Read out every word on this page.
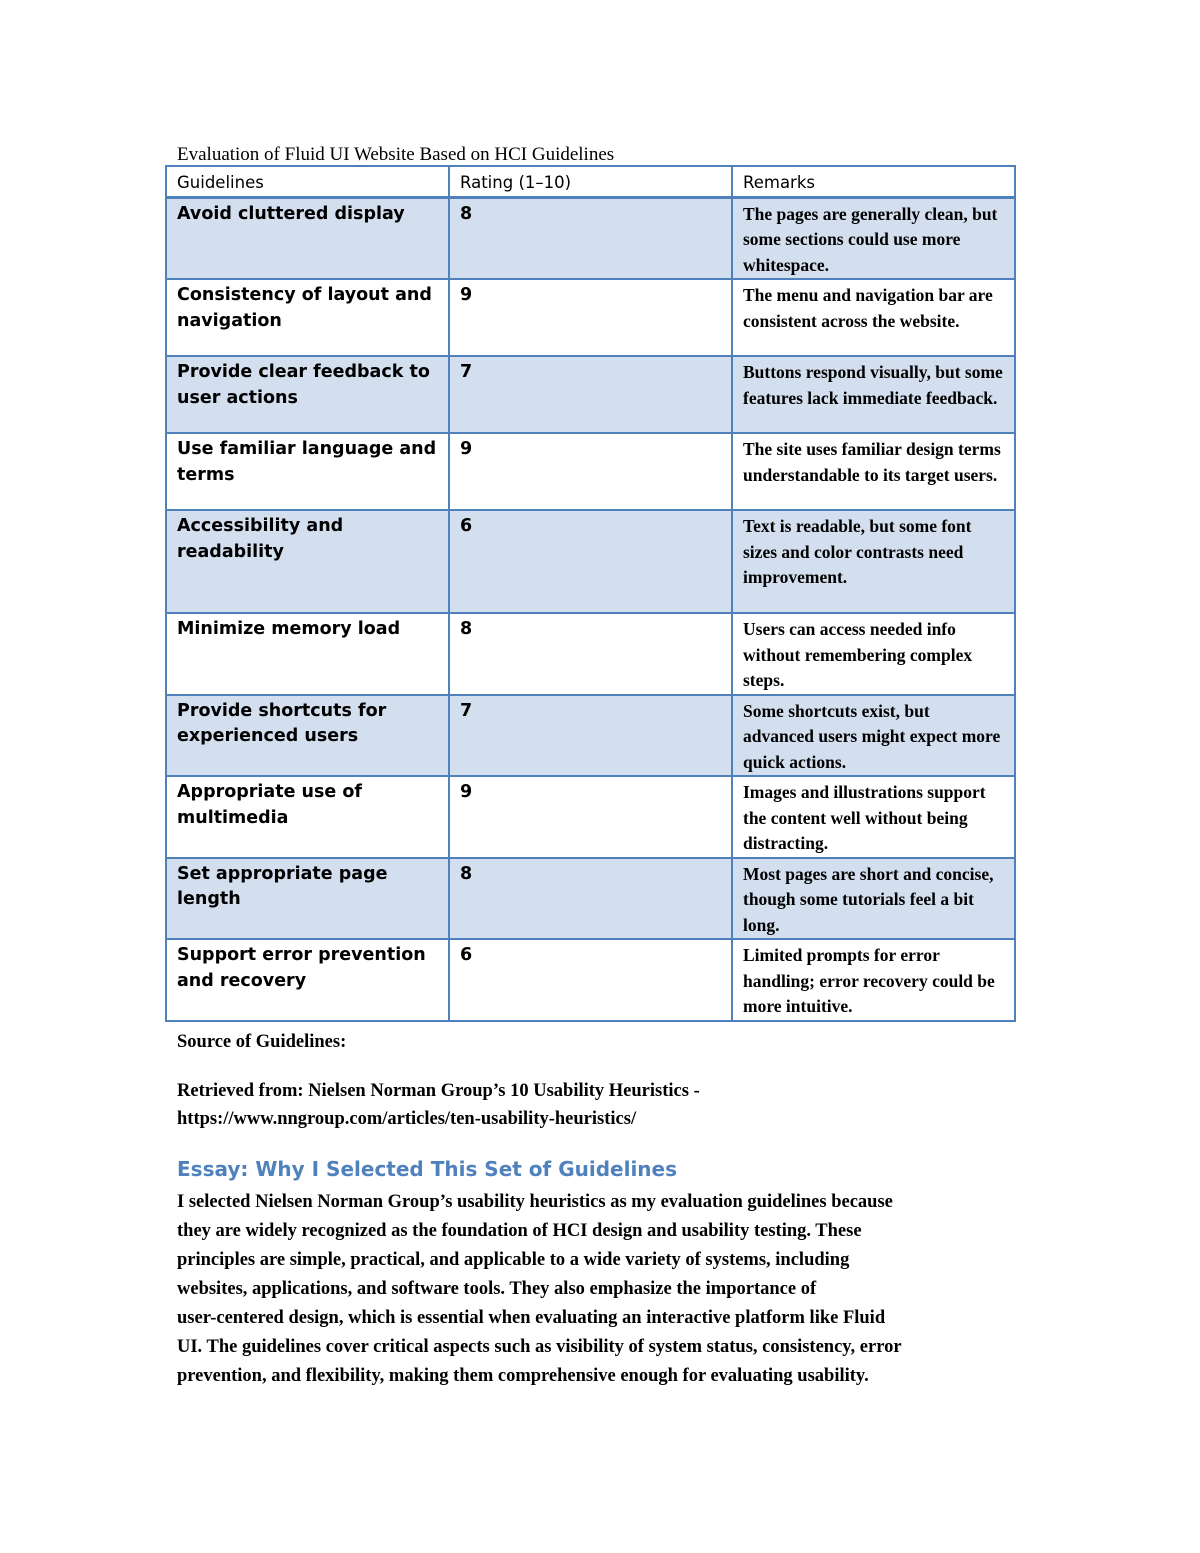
Evaluation of Fluid UI Website Based on HCI Guidelines
Guidelines	Rating (1–10)	Remarks
Avoid cluttered display	8	The pages are generally clean, but some sections could use more whitespace.
Consistency of layout and navigation	9	The menu and navigation bar are consistent across the website.
Provide clear feedback to user actions	7	Buttons respond visually, but some features lack immediate feedback.
Use familiar language and terms	9	The site uses familiar design terms understandable to its target users.
Accessibility and readability	6	Text is readable, but some font sizes and color contrasts need improvement.
Minimize memory load	8	Users can access needed info without remembering complex steps.
Provide shortcuts for experienced users	7	Some shortcuts exist, but advanced users might expect more quick actions.
Appropriate use of multimedia	9	Images and illustrations support the content well without being distracting.
Set appropriate page length	8	Most pages are short and concise, though some tutorials feel a bit long.
Support error prevention and recovery	6	Limited prompts for error handling; error recovery could be more intuitive.
Source of Guidelines:
Retrieved from: Nielsen Norman Group’s 10 Usability Heuristics -
https://www.nngroup.com/articles/ten-usability-heuristics/
Essay: Why I Selected This Set of Guidelines
I selected Nielsen Norman Group’s usability heuristics as my evaluation guidelines because
they are widely recognized as the foundation of HCI design and usability testing. These
principles are simple, practical, and applicable to a wide variety of systems, including
websites, applications, and software tools. They also emphasize the importance of
user-centered design, which is essential when evaluating an interactive platform like Fluid
UI. The guidelines cover critical aspects such as visibility of system status, consistency, error
prevention, and flexibility, making them comprehensive enough for evaluating usability.
